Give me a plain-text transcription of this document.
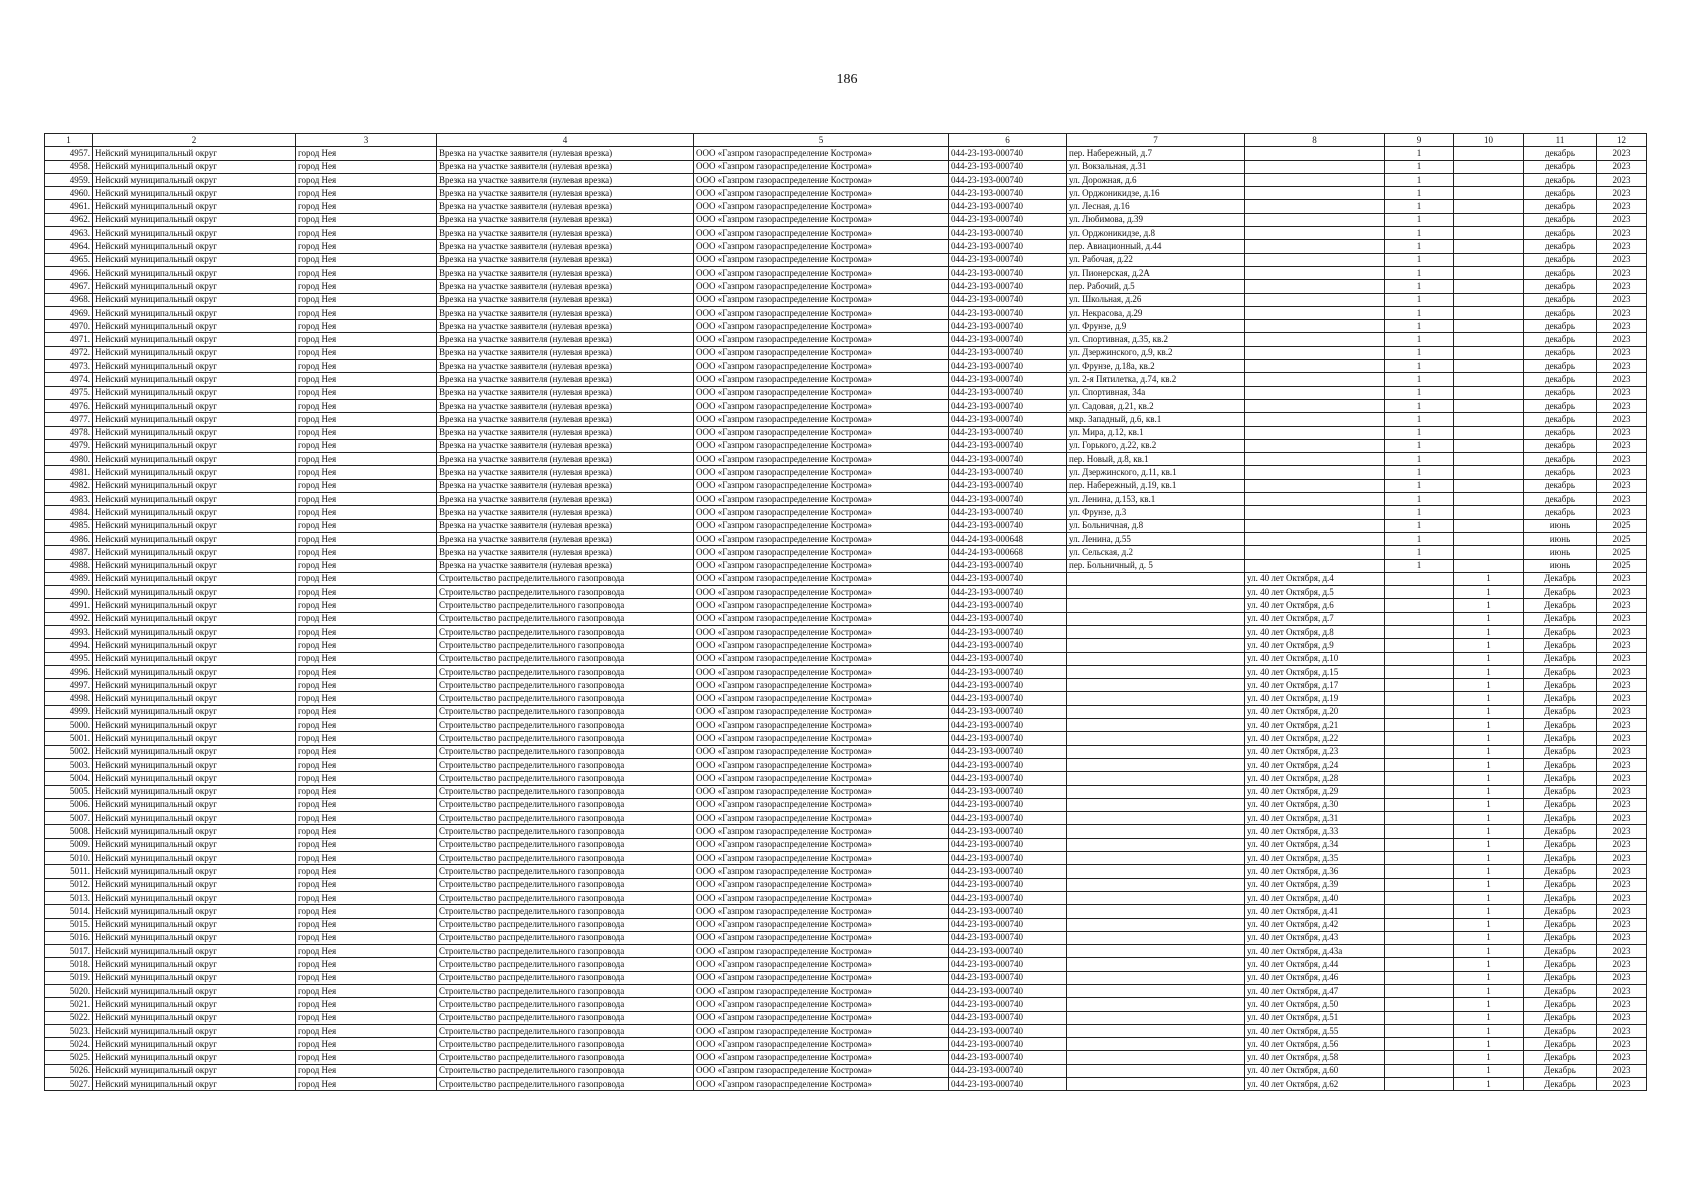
186
1	2	3	4	5	6	7	8	9	10	11	12
4957.	Нейский муниципальный округ	город Нея	Врезка на участке заявителя (нулевая врезка)	ООО «Газпром газораспределение Кострома»	044-23-193-000740	пер. Набережный, д.7		1		декабрь	2023
4958.	Нейский муниципальный округ	город Нея	Врезка на участке заявителя (нулевая врезка)	ООО «Газпром газораспределение Кострома»	044-23-193-000740	ул. Вокзальная, д.31		1		декабрь	2023
4959.	Нейский муниципальный округ	город Нея	Врезка на участке заявителя (нулевая врезка)	ООО «Газпром газораспределение Кострома»	044-23-193-000740	ул. Дорожная, д.6		1		декабрь	2023
4960.	Нейский муниципальный округ	город Нея	Врезка на участке заявителя (нулевая врезка)	ООО «Газпром газораспределение Кострома»	044-23-193-000740	ул. Орджоникидзе, д.16		1		декабрь	2023
4961.	Нейский муниципальный округ	город Нея	Врезка на участке заявителя (нулевая врезка)	ООО «Газпром газораспределение Кострома»	044-23-193-000740	ул. Лесная, д.16		1		декабрь	2023
4962.	Нейский муниципальный округ	город Нея	Врезка на участке заявителя (нулевая врезка)	ООО «Газпром газораспределение Кострома»	044-23-193-000740	ул. Любимова, д.39		1		декабрь	2023
4963.	Нейский муниципальный округ	город Нея	Врезка на участке заявителя (нулевая врезка)	ООО «Газпром газораспределение Кострома»	044-23-193-000740	ул. Орджоникидзе, д.8		1		декабрь	2023
4964.	Нейский муниципальный округ	город Нея	Врезка на участке заявителя (нулевая врезка)	ООО «Газпром газораспределение Кострома»	044-23-193-000740	пер. Авиационный, д.44		1		декабрь	2023
4965.	Нейский муниципальный округ	город Нея	Врезка на участке заявителя (нулевая врезка)	ООО «Газпром газораспределение Кострома»	044-23-193-000740	ул. Рабочая, д.22		1		декабрь	2023
4966.	Нейский муниципальный округ	город Нея	Врезка на участке заявителя (нулевая врезка)	ООО «Газпром газораспределение Кострома»	044-23-193-000740	ул. Пионерская, д.2А		1		декабрь	2023
4967.	Нейский муниципальный округ	город Нея	Врезка на участке заявителя (нулевая врезка)	ООО «Газпром газораспределение Кострома»	044-23-193-000740	пер. Рабочий, д.5		1		декабрь	2023
4968.	Нейский муниципальный округ	город Нея	Врезка на участке заявителя (нулевая врезка)	ООО «Газпром газораспределение Кострома»	044-23-193-000740	ул. Школьная, д.26		1		декабрь	2023
4969.	Нейский муниципальный округ	город Нея	Врезка на участке заявителя (нулевая врезка)	ООО «Газпром газораспределение Кострома»	044-23-193-000740	ул. Некрасова, д.29		1		декабрь	2023
4970.	Нейский муниципальный округ	город Нея	Врезка на участке заявителя (нулевая врезка)	ООО «Газпром газораспределение Кострома»	044-23-193-000740	ул. Фрунзе, д.9		1		декабрь	2023
4971.	Нейский муниципальный округ	город Нея	Врезка на участке заявителя (нулевая врезка)	ООО «Газпром газораспределение Кострома»	044-23-193-000740	ул. Спортивная, д.35, кв.2		1		декабрь	2023
4972.	Нейский муниципальный округ	город Нея	Врезка на участке заявителя (нулевая врезка)	ООО «Газпром газораспределение Кострома»	044-23-193-000740	ул. Дзержинского, д.9, кв.2		1		декабрь	2023
4973.	Нейский муниципальный округ	город Нея	Врезка на участке заявителя (нулевая врезка)	ООО «Газпром газораспределение Кострома»	044-23-193-000740	ул. Фрунзе, д.18а, кв.2		1		декабрь	2023
4974.	Нейский муниципальный округ	город Нея	Врезка на участке заявителя (нулевая врезка)	ООО «Газпром газораспределение Кострома»	044-23-193-000740	ул. 2-я Пятилетка, д.74, кв.2		1		декабрь	2023
4975.	Нейский муниципальный округ	город Нея	Врезка на участке заявителя (нулевая врезка)	ООО «Газпром газораспределение Кострома»	044-23-193-000740	ул. Спортивная, 34а		1		декабрь	2023
4976.	Нейский муниципальный округ	город Нея	Врезка на участке заявителя (нулевая врезка)	ООО «Газпром газораспределение Кострома»	044-23-193-000740	ул. Садовая, д.21, кв.2		1		декабрь	2023
4977.	Нейский муниципальный округ	город Нея	Врезка на участке заявителя (нулевая врезка)	ООО «Газпром газораспределение Кострома»	044-23-193-000740	мкр. Западный, д.6, кв.1		1		декабрь	2023
4978.	Нейский муниципальный округ	город Нея	Врезка на участке заявителя (нулевая врезка)	ООО «Газпром газораспределение Кострома»	044-23-193-000740	ул. Мира, д.12, кв.1		1		декабрь	2023
4979.	Нейский муниципальный округ	город Нея	Врезка на участке заявителя (нулевая врезка)	ООО «Газпром газораспределение Кострома»	044-23-193-000740	ул. Горького, д.22, кв.2		1		декабрь	2023
4980.	Нейский муниципальный округ	город Нея	Врезка на участке заявителя (нулевая врезка)	ООО «Газпром газораспределение Кострома»	044-23-193-000740	пер. Новый, д.8, кв.1		1		декабрь	2023
4981.	Нейский муниципальный округ	город Нея	Врезка на участке заявителя (нулевая врезка)	ООО «Газпром газораспределение Кострома»	044-23-193-000740	ул. Дзержинского, д.11, кв.1		1		декабрь	2023
4982.	Нейский муниципальный округ	город Нея	Врезка на участке заявителя (нулевая врезка)	ООО «Газпром газораспределение Кострома»	044-23-193-000740	пер. Набережный, д.19, кв.1		1		декабрь	2023
4983.	Нейский муниципальный округ	город Нея	Врезка на участке заявителя (нулевая врезка)	ООО «Газпром газораспределение Кострома»	044-23-193-000740	ул. Ленина, д.153, кв.1		1		декабрь	2023
4984.	Нейский муниципальный округ	город Нея	Врезка на участке заявителя (нулевая врезка)	ООО «Газпром газораспределение Кострома»	044-23-193-000740	ул. Фрунзе, д.3		1		декабрь	2023
4985.	Нейский муниципальный округ	город Нея	Врезка на участке заявителя (нулевая врезка)	ООО «Газпром газораспределение Кострома»	044-23-193-000740	ул. Больничная, д.8		1		июнь	2025
4986.	Нейский муниципальный округ	город Нея	Врезка на участке заявителя (нулевая врезка)	ООО «Газпром газораспределение Кострома»	044-24-193-000648	ул. Ленина, д.55		1		июнь	2025
4987.	Нейский муниципальный округ	город Нея	Врезка на участке заявителя (нулевая врезка)	ООО «Газпром газораспределение Кострома»	044-24-193-000668	ул. Сельская, д.2		1		июнь	2025
4988.	Нейский муниципальный округ	город Нея	Врезка на участке заявителя (нулевая врезка)	ООО «Газпром газораспределение Кострома»	044-23-193-000740	пер. Больничный, д. 5		1		июнь	2025
4989.	Нейский муниципальный округ	город Нея	Строительство распределительного газопровода	ООО «Газпром газораспределение Кострома»	044-23-193-000740		ул. 40 лет Октября, д.4		1	Декабрь	2023
4990.	Нейский муниципальный округ	город Нея	Строительство распределительного газопровода	ООО «Газпром газораспределение Кострома»	044-23-193-000740		ул. 40 лет Октября, д.5		1	Декабрь	2023
4991.	Нейский муниципальный округ	город Нея	Строительство распределительного газопровода	ООО «Газпром газораспределение Кострома»	044-23-193-000740		ул. 40 лет Октября, д.6		1	Декабрь	2023
4992.	Нейский муниципальный округ	город Нея	Строительство распределительного газопровода	ООО «Газпром газораспределение Кострома»	044-23-193-000740		ул. 40 лет Октября, д.7		1	Декабрь	2023
4993.	Нейский муниципальный округ	город Нея	Строительство распределительного газопровода	ООО «Газпром газораспределение Кострома»	044-23-193-000740		ул. 40 лет Октября, д.8		1	Декабрь	2023
4994.	Нейский муниципальный округ	город Нея	Строительство распределительного газопровода	ООО «Газпром газораспределение Кострома»	044-23-193-000740		ул. 40 лет Октября, д.9		1	Декабрь	2023
4995.	Нейский муниципальный округ	город Нея	Строительство распределительного газопровода	ООО «Газпром газораспределение Кострома»	044-23-193-000740		ул. 40 лет Октября, д.10		1	Декабрь	2023
4996.	Нейский муниципальный округ	город Нея	Строительство распределительного газопровода	ООО «Газпром газораспределение Кострома»	044-23-193-000740		ул. 40 лет Октября, д.15		1	Декабрь	2023
4997.	Нейский муниципальный округ	город Нея	Строительство распределительного газопровода	ООО «Газпром газораспределение Кострома»	044-23-193-000740		ул. 40 лет Октября, д.17		1	Декабрь	2023
4998.	Нейский муниципальный округ	город Нея	Строительство распределительного газопровода	ООО «Газпром газораспределение Кострома»	044-23-193-000740		ул. 40 лет Октября, д.19		1	Декабрь	2023
4999.	Нейский муниципальный округ	город Нея	Строительство распределительного газопровода	ООО «Газпром газораспределение Кострома»	044-23-193-000740		ул. 40 лет Октября, д.20		1	Декабрь	2023
5000.	Нейский муниципальный округ	город Нея	Строительство распределительного газопровода	ООО «Газпром газораспределение Кострома»	044-23-193-000740		ул. 40 лет Октября, д.21		1	Декабрь	2023
5001.	Нейский муниципальный округ	город Нея	Строительство распределительного газопровода	ООО «Газпром газораспределение Кострома»	044-23-193-000740		ул. 40 лет Октября, д.22		1	Декабрь	2023
5002.	Нейский муниципальный округ	город Нея	Строительство распределительного газопровода	ООО «Газпром газораспределение Кострома»	044-23-193-000740		ул. 40 лет Октября, д.23		1	Декабрь	2023
5003.	Нейский муниципальный округ	город Нея	Строительство распределительного газопровода	ООО «Газпром газораспределение Кострома»	044-23-193-000740		ул. 40 лет Октября, д.24		1	Декабрь	2023
5004.	Нейский муниципальный округ	город Нея	Строительство распределительного газопровода	ООО «Газпром газораспределение Кострома»	044-23-193-000740		ул. 40 лет Октября, д.28		1	Декабрь	2023
5005.	Нейский муниципальный округ	город Нея	Строительство распределительного газопровода	ООО «Газпром газораспределение Кострома»	044-23-193-000740		ул. 40 лет Октября, д.29		1	Декабрь	2023
5006.	Нейский муниципальный округ	город Нея	Строительство распределительного газопровода	ООО «Газпром газораспределение Кострома»	044-23-193-000740		ул. 40 лет Октября, д.30		1	Декабрь	2023
5007.	Нейский муниципальный округ	город Нея	Строительство распределительного газопровода	ООО «Газпром газораспределение Кострома»	044-23-193-000740		ул. 40 лет Октября, д.31		1	Декабрь	2023
5008.	Нейский муниципальный округ	город Нея	Строительство распределительного газопровода	ООО «Газпром газораспределение Кострома»	044-23-193-000740		ул. 40 лет Октября, д.33		1	Декабрь	2023
5009.	Нейский муниципальный округ	город Нея	Строительство распределительного газопровода	ООО «Газпром газораспределение Кострома»	044-23-193-000740		ул. 40 лет Октября, д.34		1	Декабрь	2023
5010.	Нейский муниципальный округ	город Нея	Строительство распределительного газопровода	ООО «Газпром газораспределение Кострома»	044-23-193-000740		ул. 40 лет Октября, д.35		1	Декабрь	2023
5011.	Нейский муниципальный округ	город Нея	Строительство распределительного газопровода	ООО «Газпром газораспределение Кострома»	044-23-193-000740		ул. 40 лет Октября, д.36		1	Декабрь	2023
5012.	Нейский муниципальный округ	город Нея	Строительство распределительного газопровода	ООО «Газпром газораспределение Кострома»	044-23-193-000740		ул. 40 лет Октября, д.39		1	Декабрь	2023
5013.	Нейский муниципальный округ	город Нея	Строительство распределительного газопровода	ООО «Газпром газораспределение Кострома»	044-23-193-000740		ул. 40 лет Октября, д.40		1	Декабрь	2023
5014.	Нейский муниципальный округ	город Нея	Строительство распределительного газопровода	ООО «Газпром газораспределение Кострома»	044-23-193-000740		ул. 40 лет Октября, д.41		1	Декабрь	2023
5015.	Нейский муниципальный округ	город Нея	Строительство распределительного газопровода	ООО «Газпром газораспределение Кострома»	044-23-193-000740		ул. 40 лет Октября, д.42		1	Декабрь	2023
5016.	Нейский муниципальный округ	город Нея	Строительство распределительного газопровода	ООО «Газпром газораспределение Кострома»	044-23-193-000740		ул. 40 лет Октября, д.43		1	Декабрь	2023
5017.	Нейский муниципальный округ	город Нея	Строительство распределительного газопровода	ООО «Газпром газораспределение Кострома»	044-23-193-000740		ул. 40 лет Октября, д.43а		1	Декабрь	2023
5018.	Нейский муниципальный округ	город Нея	Строительство распределительного газопровода	ООО «Газпром газораспределение Кострома»	044-23-193-000740		ул. 40 лет Октября, д.44		1	Декабрь	2023
5019.	Нейский муниципальный округ	город Нея	Строительство распределительного газопровода	ООО «Газпром газораспределение Кострома»	044-23-193-000740		ул. 40 лет Октября, д.46		1	Декабрь	2023
5020.	Нейский муниципальный округ	город Нея	Строительство распределительного газопровода	ООО «Газпром газораспределение Кострома»	044-23-193-000740		ул. 40 лет Октября, д.47		1	Декабрь	2023
5021.	Нейский муниципальный округ	город Нея	Строительство распределительного газопровода	ООО «Газпром газораспределение Кострома»	044-23-193-000740		ул. 40 лет Октября, д.50		1	Декабрь	2023
5022.	Нейский муниципальный округ	город Нея	Строительство распределительного газопровода	ООО «Газпром газораспределение Кострома»	044-23-193-000740		ул. 40 лет Октября, д.51		1	Декабрь	2023
5023.	Нейский муниципальный округ	город Нея	Строительство распределительного газопровода	ООО «Газпром газораспределение Кострома»	044-23-193-000740		ул. 40 лет Октября, д.55		1	Декабрь	2023
5024.	Нейский муниципальный округ	город Нея	Строительство распределительного газопровода	ООО «Газпром газораспределение Кострома»	044-23-193-000740		ул. 40 лет Октября, д.56		1	Декабрь	2023
5025.	Нейский муниципальный округ	город Нея	Строительство распределительного газопровода	ООО «Газпром газораспределение Кострома»	044-23-193-000740		ул. 40 лет Октября, д.58		1	Декабрь	2023
5026.	Нейский муниципальный округ	город Нея	Строительство распределительного газопровода	ООО «Газпром газораспределение Кострома»	044-23-193-000740		ул. 40 лет Октября, д.60		1	Декабрь	2023
5027.	Нейский муниципальный округ	город Нея	Строительство распределительного газопровода	ООО «Газпром газораспределение Кострома»	044-23-193-000740		ул. 40 лет Октября, д.62		1	Декабрь	2023
